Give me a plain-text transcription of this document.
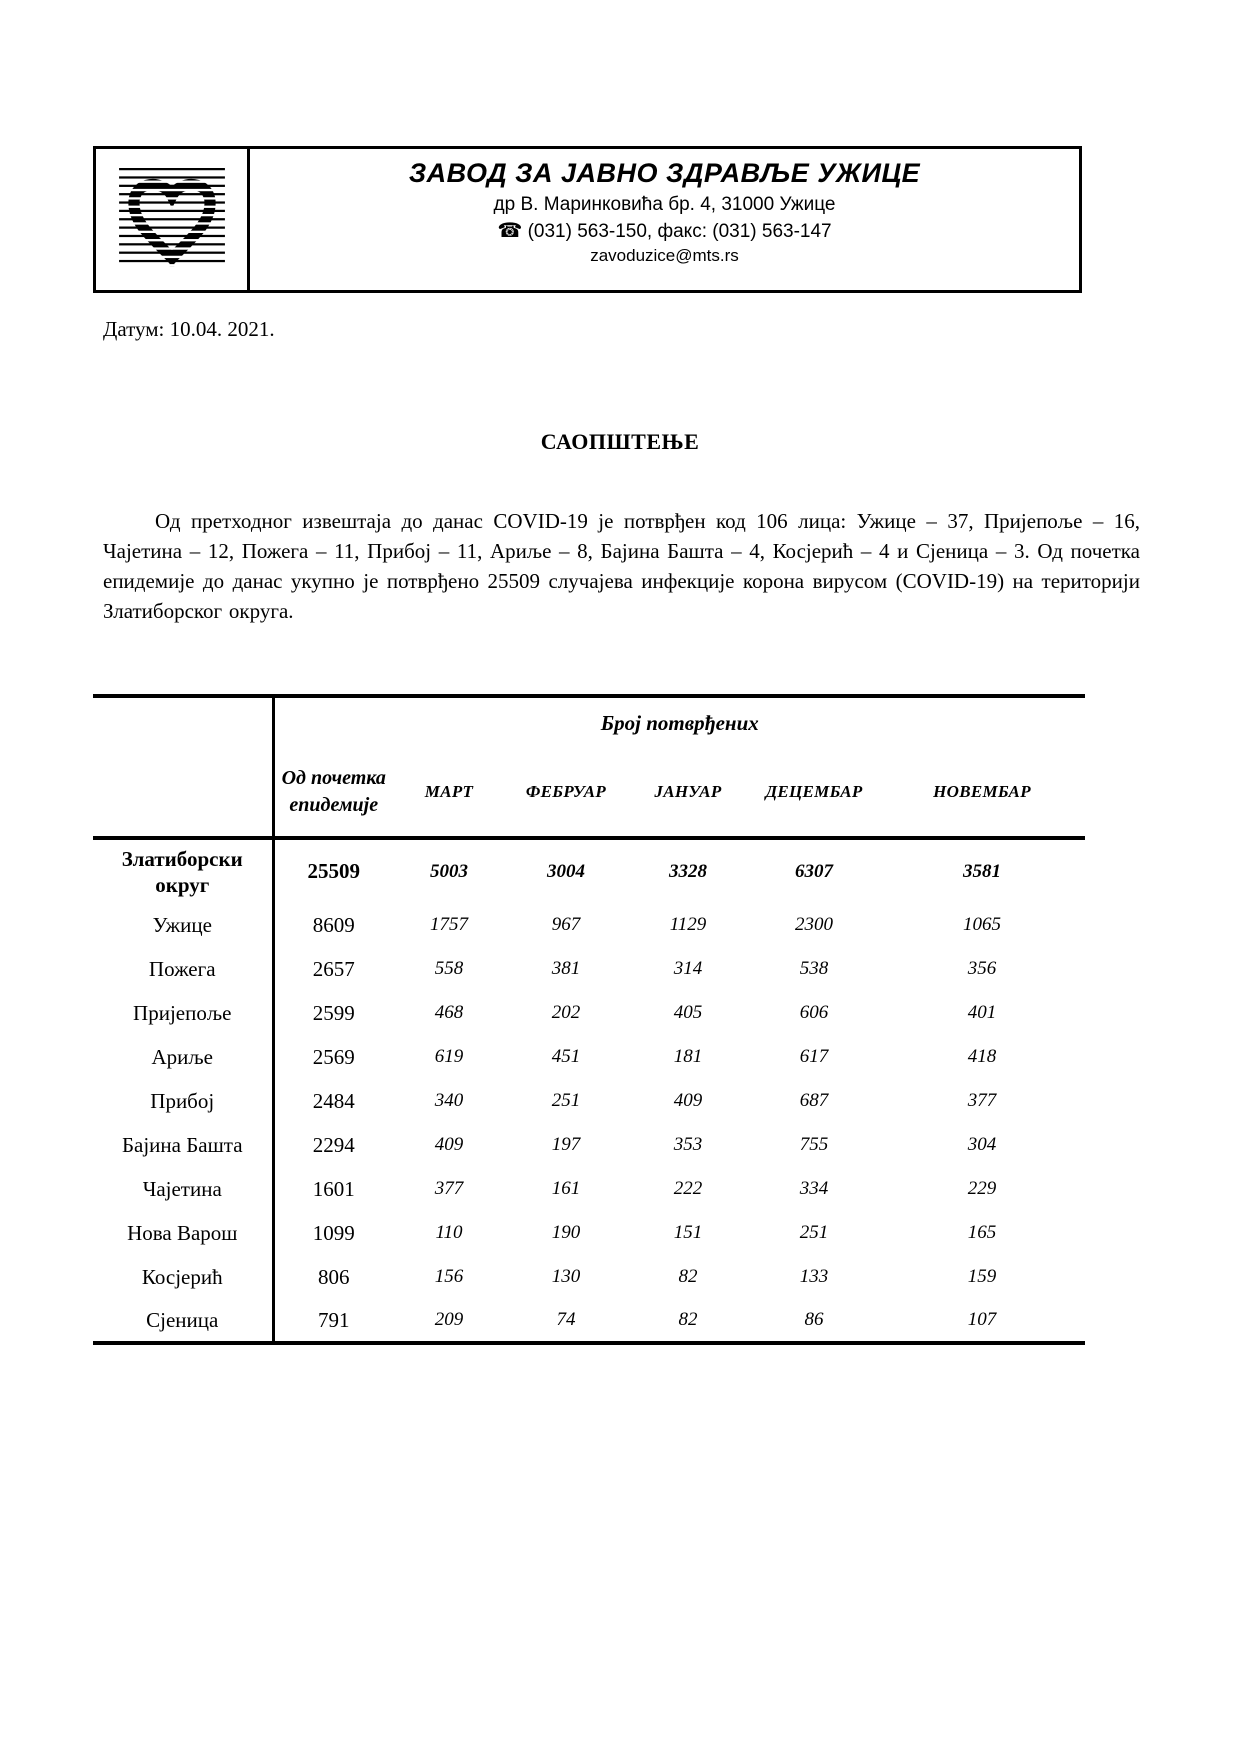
ЗАВОД ЗА ЈАВНО ЗДРАВЉЕ УЖИЦЕ
др В. Маринковића бр. 4, 31000 Ужице
☎ (031) 563-150, факс: (031) 563-147
zavoduzice@mts.rs
Датум: 10.04. 2021.
САОПШТЕЊЕ

Од претходног извештаја до данас COVID-19 је потврђен код 106 лица: Ужице – 37, Пријепоље – 16, Чајетина – 12, Пожега – 11, Прибој – 11, Ариље – 8, Бајина Башта – 4, Косјерић – 4 и Сјеница – 3. Од почетка епидемије до данас укупно је потврђено 25509 случајева инфекције корона вирусом (COVID-19) на територији Златиборског округа.

	Број потврђених					
	Од почетка епидемије	МАРТ	ФЕБРУАР	ЈАНУАР	ДЕЦЕМБАР	НОВЕМБАР
Златиборски округ	25509	5003	3004	3328	6307	3581
Ужице	8609	1757	967	1129	2300	1065
Пожега	2657	558	381	314	538	356
Пријепоље	2599	468	202	405	606	401
Ариље	2569	619	451	181	617	418
Прибој	2484	340	251	409	687	377
Бајина Башта	2294	409	197	353	755	304
Чајетина	1601	377	161	222	334	229
Нова Варош	1099	110	190	151	251	165
Косјерић	806	156	130	82	133	159
Сјеница	791	209	74	82	86	107
